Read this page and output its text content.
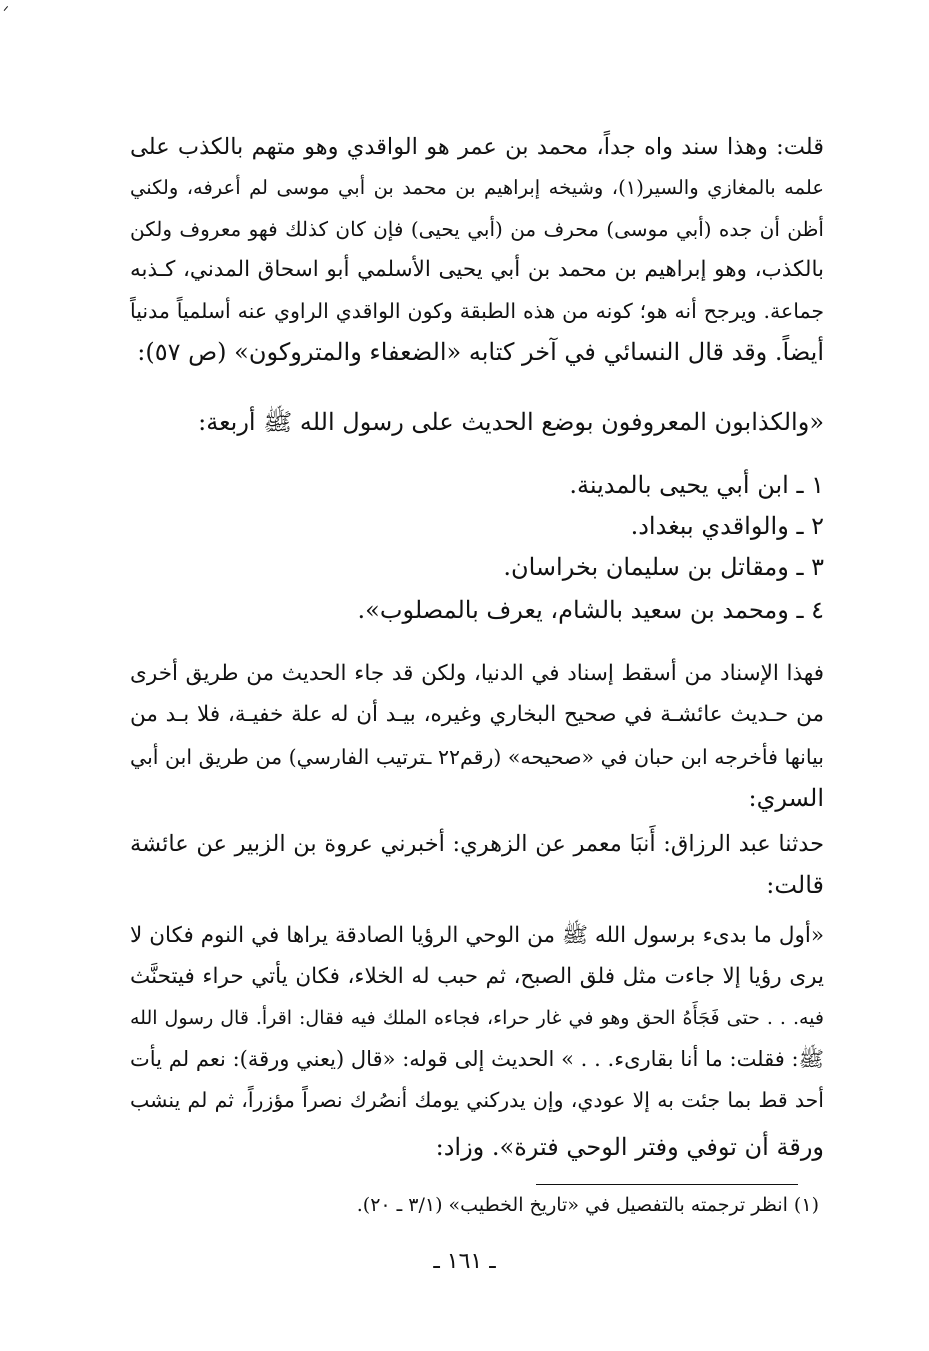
ᐟ
قلت: وهذا سند واه جداً، محمد بن عمر هو الواقدي وهو متهم بالكذب على
علمه بالمغازي والسير(١)، وشيخه إبراهيم بن محمد بن أبي موسى لم أعرفه، ولكني
أظن أن جده (أبي موسى) محرف من (أبي يحيى) فإن كان كذلك فهو معروف ولكن
بالكذب، وهو إبراهيم بن محمد بن أبي يحيى الأسلمي أبو اسحاق المدني، كـذبه
جماعة. ويرجح أنه هو؛ كونه من هذه الطبقة وكون الواقدي الراوي عنه أسلمياً مدنياً
أيضاً. وقد قال النسائي في آخر كتابه «الضعفاء والمتروكون» (ص ٥٧):
«والكذابون المعروفون بوضع الحديث على رسول الله ﷺ أربعة:
١ ـ ابن أبي يحيى بالمدينة.
٢ ـ والواقدي ببغداد.
٣ ـ ومقاتل بن سليمان بخراسان.
٤ ـ ومحمد بن سعيد بالشام، يعرف بالمصلوب».
فهذا الإسناد من أسقط إسناد في الدنيا، ولكن قد جاء الحديث من طريق أخرى
من حـديث عائشـة في صحيح البخاري وغيره، بيـد أن له علة خفيـة، فلا بـد من
بيانها فأخرجه ابن حبان في «صحيحه» (رقم٢٢ ـترتيب الفارسي) من طريق ابن أبي
السري:
حدثنا عبد الرزاق: أَنبَا معمر عن الزهري: أخبرني عروة بن الزبير عن عائشة
قالت:
«أول ما بدىء برسول الله ﷺ من الوحي الرؤيا الصادقة يراها في النوم فكان لا
يرى رؤيا إلا جاءت مثل فلق الصبح، ثم حبب له الخلاء، فكان يأتي حراء فيتحنَّث
فيه. . . حتى فَجَأَهُ الحق وهو في غار حراء، فجاءه الملك فيه فقال: اقرأ. قال رسول الله
ﷺ: فقلت: ما أنا بقارىء. . . » الحديث إلى قوله: «قال (يعني ورقة): نعم لم يأت
أحد قط بما جئت به إلا عودي، وإن يدركني يومك أنصُرك نصراً مؤزراً، ثم لم ينشب
ورقة أن توفي وفتر الوحي فترة». وزاد:
(١) انظر ترجمته بالتفصيل في «تاريخ الخطيب» (٣/١ ـ ٢٠).
ـ ١٦١ ـ
